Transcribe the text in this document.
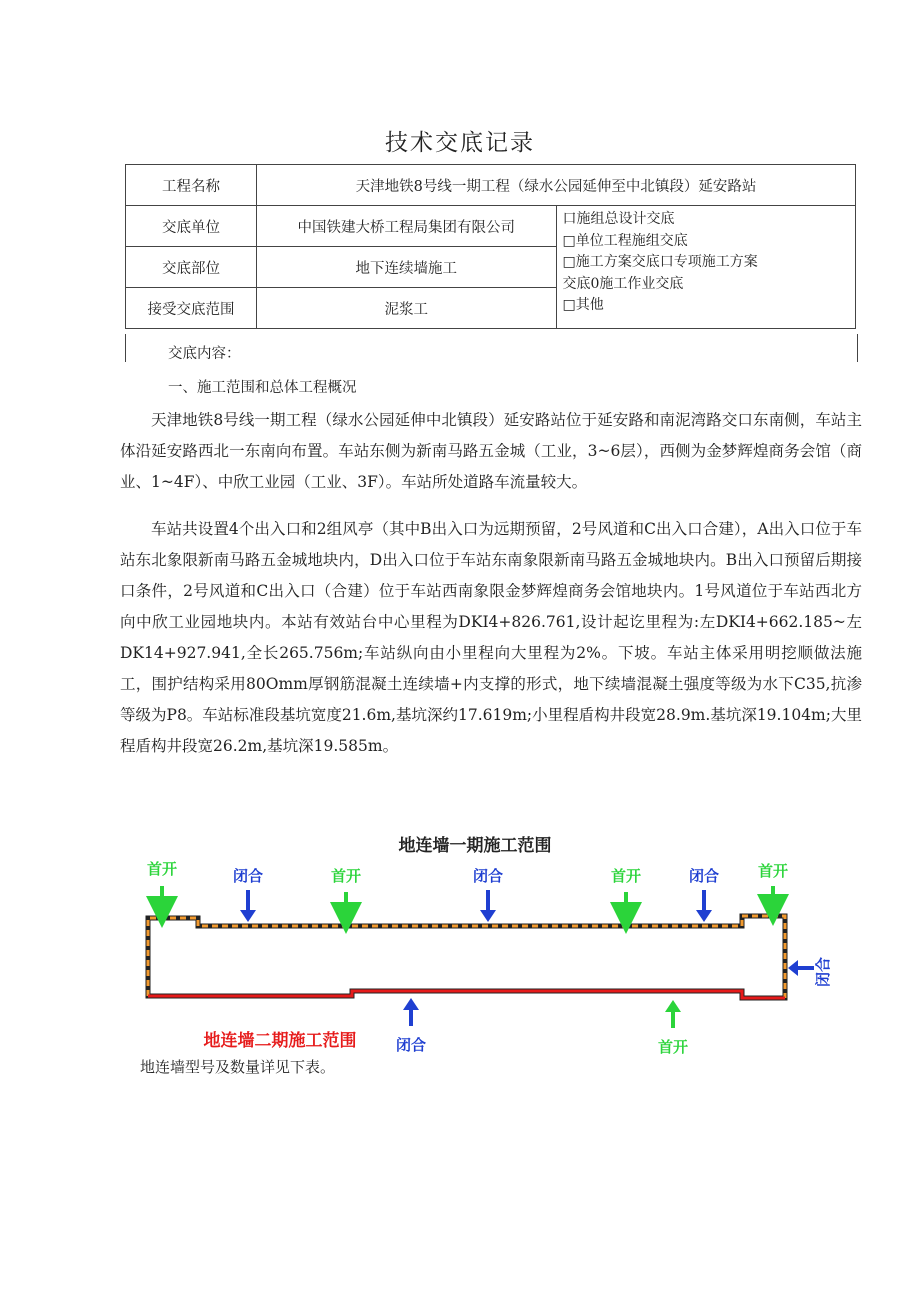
技术交底记录
工程名称	天津地铁8号线一期工程（绿水公园延伸至中北镇段）延安路站	
交底单位	中国铁建大桥工程局集团有限公司	口施组总设计交底
□单位工程施组交底
□施工方案交底口专项施工方案
交底0施工作业交底
□其他

交底部位	地下连续墙施工	
接受交底范围	泥浆工	
交底内容：
一、施工范围和总体工程概况

天津地铁8号线一期工程（绿水公园延伸中北镇段）延安路站位于延安路和南泥湾路交口东南侧，车站主体沿延安路西北一东南向布置。车站东侧为新南马路五金城（工业，3~6层），西侧为金梦辉煌商务会馆（商业、1~4F）、中欣工业园（工业、3F）。车站所处道路车流量较大。

车站共设置4个出入口和2组风亭（其中B出入口为远期预留，2号风道和C出入口合建），A出入口位于车站东北象限新南马路五金城地块内，D出入口位于车站东南象限新南马路五金城地块内。B出入口预留后期接口条件，2号风道和C出入口（合建）位于车站西南象限金梦辉煌商务会馆地块内。1号风道位于车站西北方向中欣工业园地块内。本站有效站台中心里程为DKI4+826.761,设计起讫里程为:左DKI4+662.185~左DK14+927.941,全长265.756m;车站纵向由小里程向大里程为2%。下坡。车站主体采用明挖顺做法施工，围护结构采用80Omm厚钢筋混凝土连续墙+内支撑的形式，地下续墙混凝土强度等级为水下C35,抗渗等级为P8。车站标准段基坑宽度21.6m,基坑深约17.619m;小里程盾构井段宽28.9m.基坑深19.104m;大里程盾构井段宽26.2m,基坑深19.585m。

地连墙一期施工范围
首开	首开	首开	首开
闭合	闭合	闭合
闭合
闭合	首开
地连墙二期施工范围
地连墙型号及数量详见下表。
